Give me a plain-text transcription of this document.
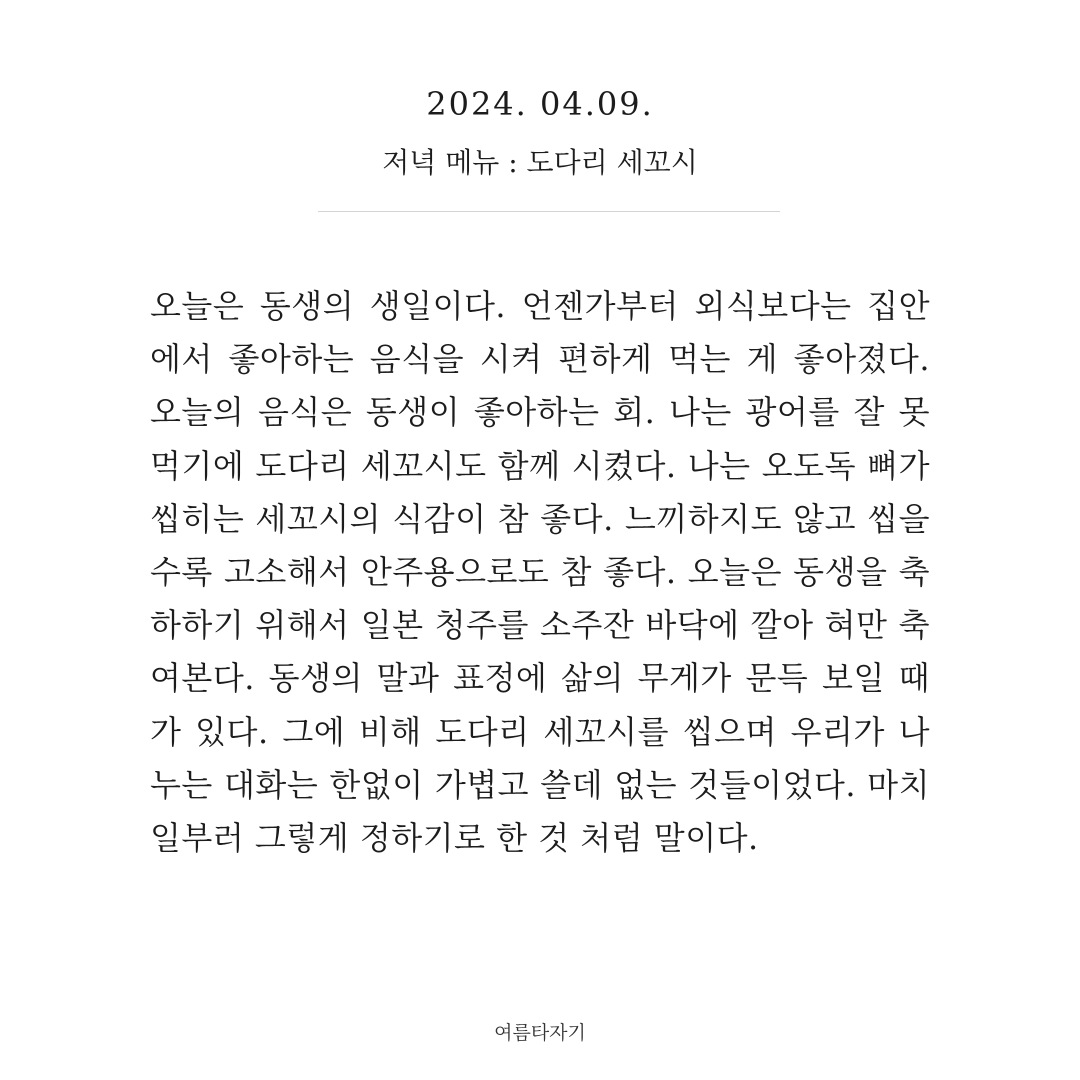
2024. 04.09.
저녁 메뉴 : 도다리 세꼬시
오늘은 동생의 생일이다. 언젠가부터 외식보다는 집안에서 좋아하는 음식을 시켜 편하게 먹는 게 좋아졌다. 오늘의 음식은 동생이 좋아하는 회. 나는 광어를 잘 못 먹기에 도다리 세꼬시도 함께 시켰다. 나는 오도독 뼈가 씹히는 세꼬시의 식감이 참 좋다. 느끼하지도 않고 씹을 수록 고소해서 안주용으로도 참 좋다. 오늘은 동생을 축하하기 위해서 일본 청주를 소주잔 바닥에 깔아 혀만 축여본다. 동생의 말과 표정에 삶의 무게가 문득 보일 때가 있다. 그에 비해 도다리 세꼬시를 씹으며 우리가 나누는 대화는 한없이 가볍고 쓸데 없는 것들이었다. 마치 일부러 그렇게 정하기로 한 것 처럼 말이다.
여름타자기
